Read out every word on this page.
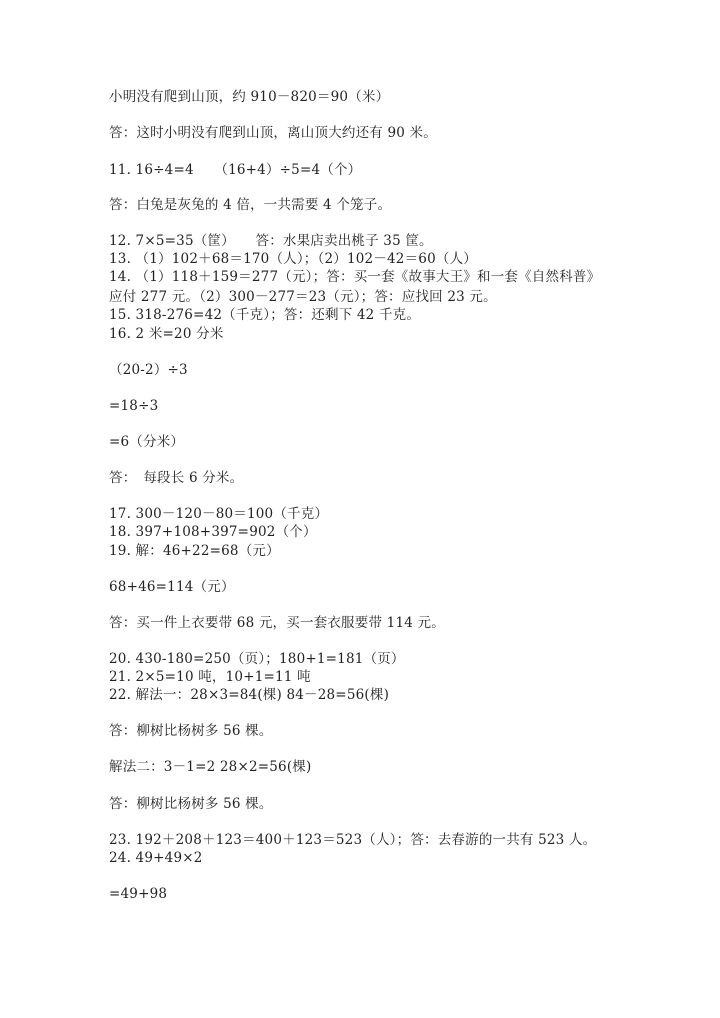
小明没有爬到山顶，约 910－820＝90（米）
答：这时小明没有爬到山顶，离山顶大约还有 90 米。
11. 16÷4=4　　（16+4）÷5=4（个）
答：白兔是灰兔的 4 倍，一共需要 4 个笼子。
12. 7×5=35（筐）　　答：水果店卖出桃子 35 筐。
13. （1）102＋68＝170（人）；（2）102－42＝60（人）
14. （1）118＋159＝277（元）；答：买一套《故事大王》和一套《自然科普》
应付 277 元。（2）300－277＝23（元）；答：应找回 23 元。
15. 318-276=42（千克）；答：还剩下 42 千克。
16. 2 米=20 分米
（20-2）÷3
=18÷3
=6（分米）
答：　每段长 6 分米。
17. 300－120－80＝100（千克）
18. 397+108+397=902（个）
19. 解：46+22=68（元）
68+46=114（元）
答：买一件上衣要带 68 元，买一套衣服要带 114 元。
20. 430-180=250（页）；180+1=181（页）
21. 2×5=10 吨，10+1=11 吨
22. 解法一：28×3=84(棵) 84－28=56(棵)
答：柳树比杨树多 56 棵。
解法二：3－1=2 28×2=56(棵)
答：柳树比杨树多 56 棵。
23. 192＋208＋123＝400＋123＝523（人）；答：去春游的一共有 523 人。
24. 49+49×2
=49+98
